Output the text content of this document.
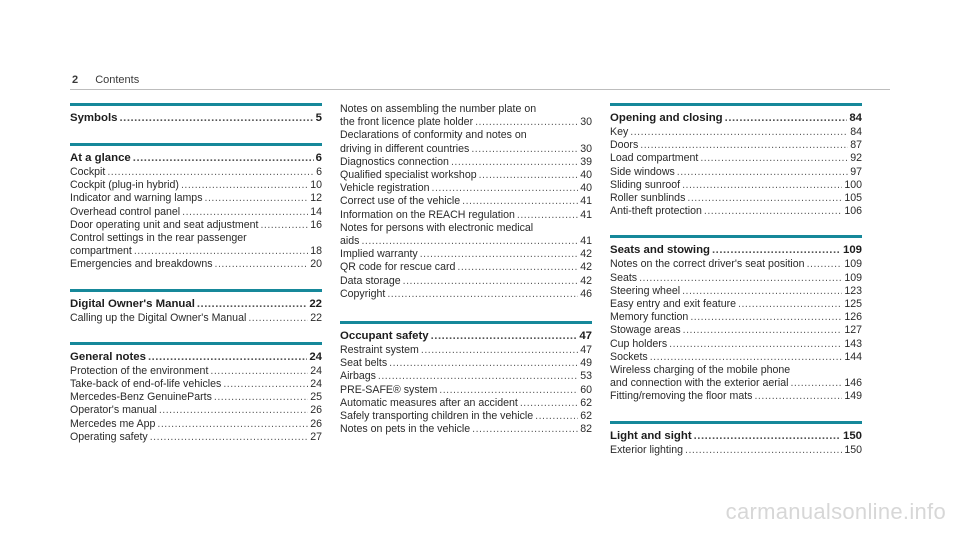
2 Contents
Symbols .....	5
At a glance .....	6
Cockpit .....	6
Cockpit (plug-in hybrid) .....	10
Indicator and warning lamps .....	12
Overhead control panel .....	14
Door operating unit and seat adjustment .....	16
Control settings in the rear passenger
compartment .....	18
Emergencies and breakdowns .....	20
Digital Owner's Manual .....	22
Calling up the Digital Owner's Manual .....	22
General notes .....	24
Protection of the environment .....	24
Take-back of end-of-life vehicles .....	24
Mercedes-Benz GenuineParts .....	25
Operator's manual .....	26
Mercedes me App .....	26
Operating safety .....	27
Notes on assembling the number plate on
the front licence plate holder .....	30
Declarations of conformity and notes on
driving in different countries .....	30
Diagnostics connection .....	39
Qualified specialist workshop .....	40
Vehicle registration .....	40
Correct use of the vehicle .....	41
Information on the REACH regulation .....	41
Notes for persons with electronic medical
aids .....	41
Implied warranty .....	42
QR code for rescue card .....	42
Data storage .....	42
Copyright .....	46
Occupant safety .....	47
Restraint system .....	47
Seat belts .....	49
Airbags .....	53
PRE-SAFE® system .....	60
Automatic measures after an accident .....	62
Safely transporting children in the vehicle .....	62
Notes on pets in the vehicle .....	82
Opening and closing .....	84
Key .....	84
Doors .....	87
Load compartment .....	92
Side windows .....	97
Sliding sunroof .....	100
Roller sunblinds .....	105
Anti-theft protection .....	106
Seats and stowing .....	109
Notes on the correct driver's seat position .....	109
Seats .....	109
Steering wheel .....	123
Easy entry and exit feature .....	125
Memory function .....	126
Stowage areas .....	127
Cup holders .....	143
Sockets .....	144
Wireless charging of the mobile phone
and connection with the exterior aerial .....	146
Fitting/removing the floor mats .....	149
Light and sight .....	150
Exterior lighting .....	150
carmanualsonline.info
